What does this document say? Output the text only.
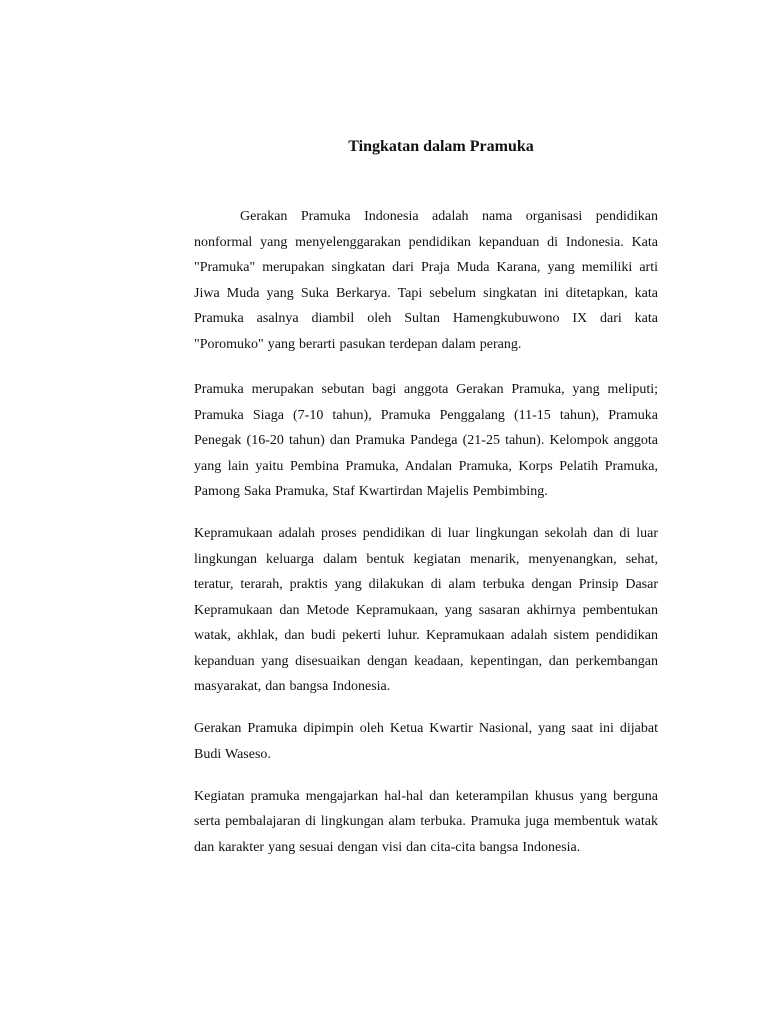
Tingkatan dalam Pramuka

Gerakan Pramuka Indonesia adalah nama organisasi pendidikan nonformal yang menyelenggarakan pendidikan kepanduan di Indonesia. Kata "Pramuka" merupakan singkatan dari Praja Muda Karana, yang memiliki arti Jiwa Muda yang Suka Berkarya. Tapi sebelum singkatan ini ditetapkan, kata Pramuka asalnya diambil oleh Sultan Hamengkubuwono IX dari kata "Poromuko" yang berarti pasukan terdepan dalam perang.

Pramuka merupakan sebutan bagi anggota Gerakan Pramuka, yang meliputi; Pramuka Siaga (7-10 tahun), Pramuka Penggalang (11-15 tahun), Pramuka Penegak (16-20 tahun) dan Pramuka Pandega (21-25 tahun). Kelompok anggota yang lain yaitu Pembina Pramuka, Andalan Pramuka, Korps Pelatih Pramuka, Pamong Saka Pramuka, Staf Kwartirdan Majelis Pembimbing.

Kepramukaan adalah proses pendidikan di luar lingkungan sekolah dan di luar lingkungan keluarga dalam bentuk kegiatan menarik, menyenangkan, sehat, teratur, terarah, praktis yang dilakukan di alam terbuka dengan Prinsip Dasar Kepramukaan dan Metode Kepramukaan, yang sasaran akhirnya pembentukan watak, akhlak, dan budi pekerti luhur. Kepramukaan adalah sistem pendidikan kepanduan yang disesuaikan dengan keadaan, kepentingan, dan perkembangan masyarakat, dan bangsa Indonesia.

Gerakan Pramuka dipimpin oleh Ketua Kwartir Nasional, yang saat ini dijabat Budi Waseso.

Kegiatan pramuka mengajarkan hal-hal dan keterampilan khusus yang berguna serta pembalajaran di lingkungan alam terbuka. Pramuka juga membentuk watak dan karakter yang sesuai dengan visi dan cita-cita bangsa Indonesia.
